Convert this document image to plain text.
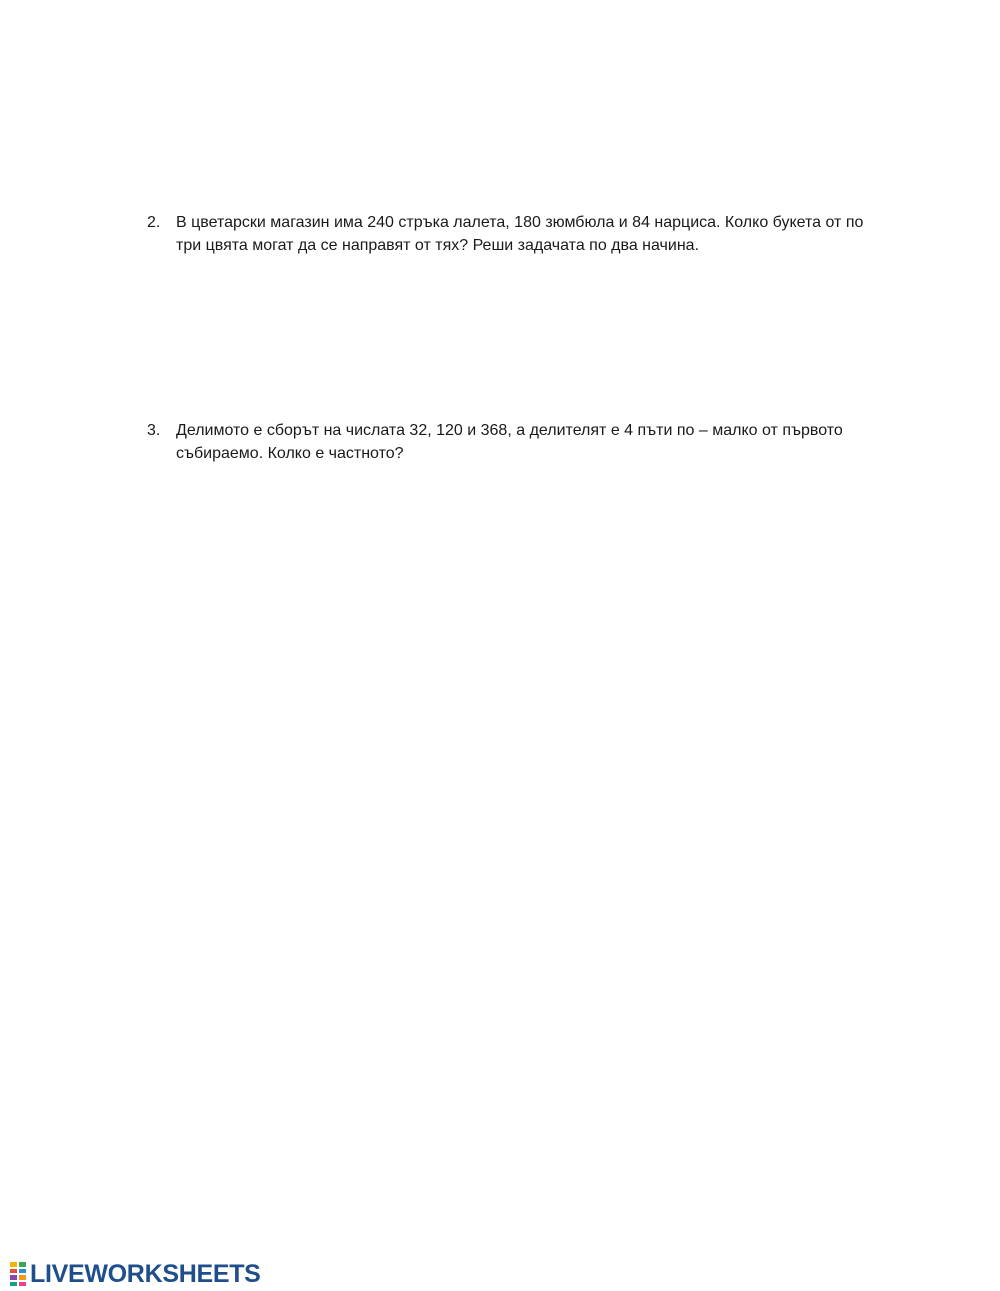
2. В цветарски магазин има 240 стръка лалета, 180 зюмбюла и 84 нарциса. Колко букета от по три цвята могат да се направят от тях? Реши задачата по два начина.
3. Делимото е сборът на числата 32, 120 и 368, а делителят е 4 пъти по – малко от първото събираемо. Колко е частното?
LIVEWORKSHEETS
